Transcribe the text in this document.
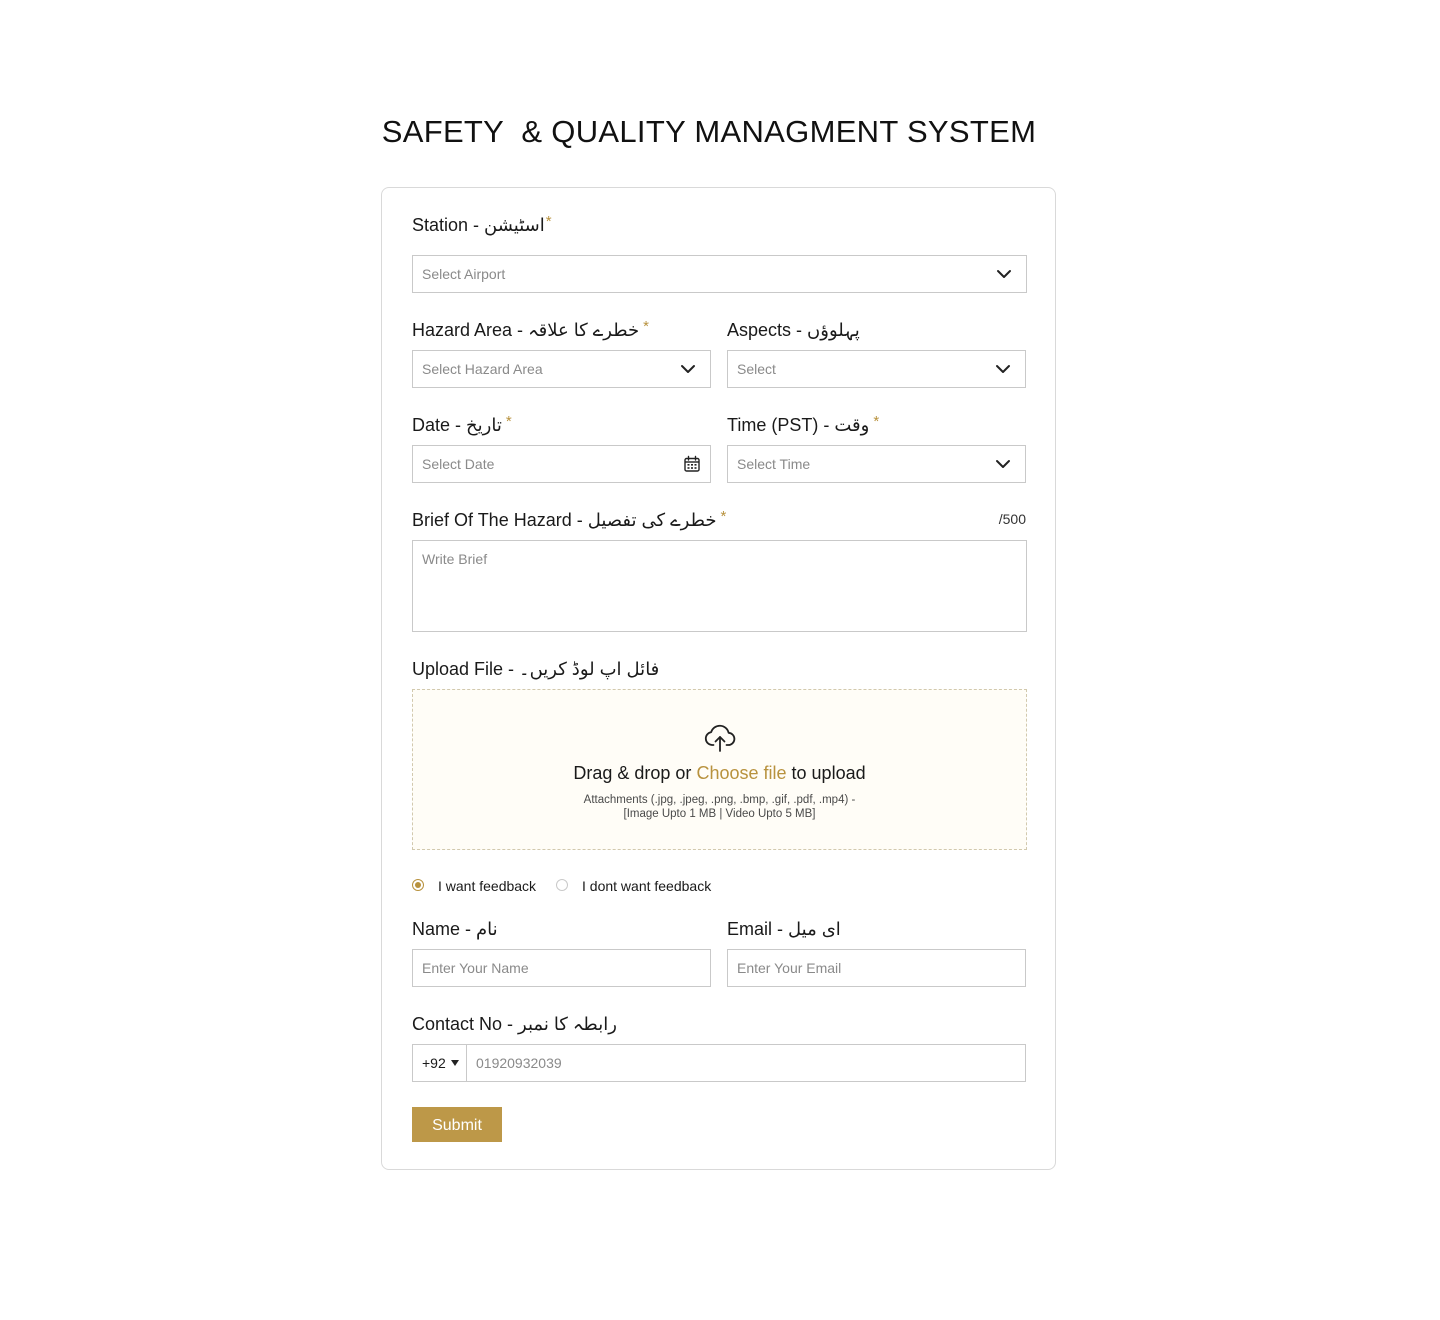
SAFETY  & QUALITY MANAGMENT SYSTEM
Station - اسٹیشن*
Select Airport
Hazard Area - خطرے کا علاقہ *
Select Hazard Area
Aspects - پہلوؤں
Select
Date - تاریخ *
Select Date
Time (PST) - وقت *
Select Time
Brief Of The Hazard - خطرے کی تفصیل *	/500
Write Brief
Upload File - فائل اپ لوڈ کریں۔
Drag & drop or Choose file to upload
Attachments (.jpg, .jpeg, .png, .bmp, .gif, .pdf, .mp4) -
[Image Upto 1 MB | Video Upto 5 MB]
I want feedback	I dont want feedback
Name - نام
Enter Your Name
Email - ای میل
Enter Your Email
Contact No - رابطہ کا نمبر
+92	01920932039
Submit
